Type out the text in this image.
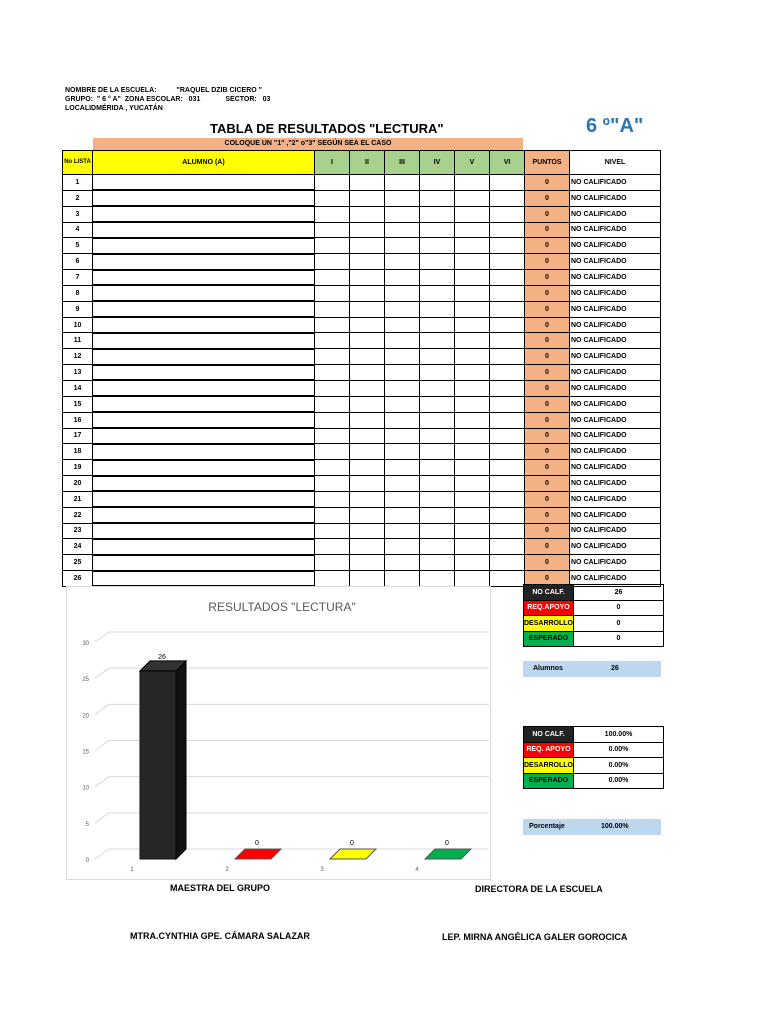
NOMBRE DE LA ESCUELA:	"RAQUEL DZIB CICERO "
GRUPO: " 6 ° A" ZONA ESCOLAR: 031	SECTOR: 03
LOCALIDMÉRIDA , YUCATÁN
TABLA DE RESULTADOS "LECTURA"	6 º"A"
COLOQUE UN "1" ,"2" o"3" SEGÚN SEA EL CASO
No LISTA	ALUMNO (A)	I	II	III	IV	V	VI	PUNTOS	NIVEL
1								0	NO CALIFICADO
2								0	NO CALIFICADO
3								0	NO CALIFICADO
4								0	NO CALIFICADO
5								0	NO CALIFICADO
6								0	NO CALIFICADO
7								0	NO CALIFICADO
8								0	NO CALIFICADO
9								0	NO CALIFICADO
10								0	NO CALIFICADO
11								0	NO CALIFICADO
12								0	NO CALIFICADO
13								0	NO CALIFICADO
14								0	NO CALIFICADO
15								0	NO CALIFICADO
16								0	NO CALIFICADO
17								0	NO CALIFICADO
18								0	NO CALIFICADO
19								0	NO CALIFICADO
20								0	NO CALIFICADO
21								0	NO CALIFICADO
22								0	NO CALIFICADO
23								0	NO CALIFICADO
24								0	NO CALIFICADO
25								0	NO CALIFICADO
26								0	NO CALIFICADO
NO CALF.	26
REQ.APOYO	0
DESARROLLO	0
ESPERADO	0
Alumnos	26
NO CALF.	100.00%
REQ. APOYO	0.00%
DESARROLLO	0.00%
ESPERADO	0.00%
Porcentaje	100.00%
0
5
10
15
20
25
30
26
1
0
2
0
3
0
4
RESULTADOS "LECTURA"
MAESTRA DEL GRUPO	DIRECTORA DE LA ESCUELA
MTRA.CYNTHIA GPE. CÁMARA SALAZAR	LEP. MIRNA ANGÉLICA GALER GOROCICA
